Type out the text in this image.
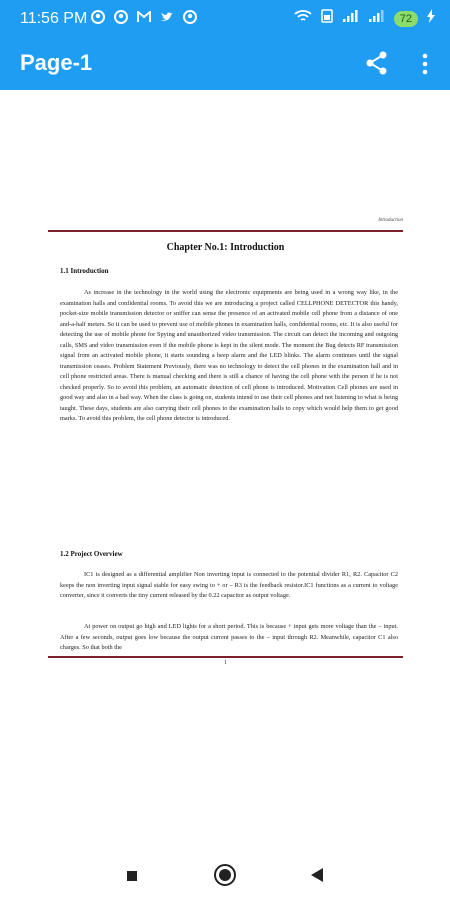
11:56 PM	72
Page-1
Introduction
Chapter No.1: Introduction
1.1 Introduction
As increase in the technology in the world using the electronic equipments are being used in a wrong way like, in the examination halls and confidential rooms. To avoid this we are introducing a project called CELLPHONE DETECTOR this handy, pocket-size mobile transmission detector or sniffer can sense the presence of an activated mobile cell phone from a distance of one and-a-half meters. So it can be used to prevent use of mobile phones in examination halls, confidential rooms, etc. It is also useful for detecting the use of mobile phone for Spying and unauthorized video transmission. The circuit can detect the incoming and outgoing calls, SMS and video transmission even if the mobile phone is kept in the silent mode. The moment the Bug detects RF transmission signal from an activated mobile phone, it starts sounding a beep alarm and the LED blinks. The alarm continues until the signal transmission ceases. Problem Statement Previously, there was no technology to detect the cell phones in the examination hall and in cell phone restricted areas. There is manual checking and there is still a chance of having the cell phone with the person if he is not checked properly. So to avoid this problem, an automatic detection of cell phone is introduced. Motivation Cell phones are used in good way and also in a bad way. When the class is going on, students intend to use their cell phones and not listening to what is being taught. These days, students are also carrying their cell phones to the examination halls to copy which would help them to get good marks. To avoid this problem, the cell phone detector is introduced.
1.2 Project Overview
IC1 is designed as a differential amplifier Non inverting input is connected to the potential divider R1, R2. Capacitor C2 keeps the non inverting input signal stable for easy swing to + or – R3 is the feedback resistor.IC1 functions as a current to voltage converter, since it converts the tiny current released by the 0.22 capacitor as output voltage.
At power on output go high and LED lights for a short period. This is because + input gets more voltage than the – input. After a few seconds, output goes low because the output current passes to the – input through R2. Meanwhile, capacitor C1 also charges. So that both the
1
